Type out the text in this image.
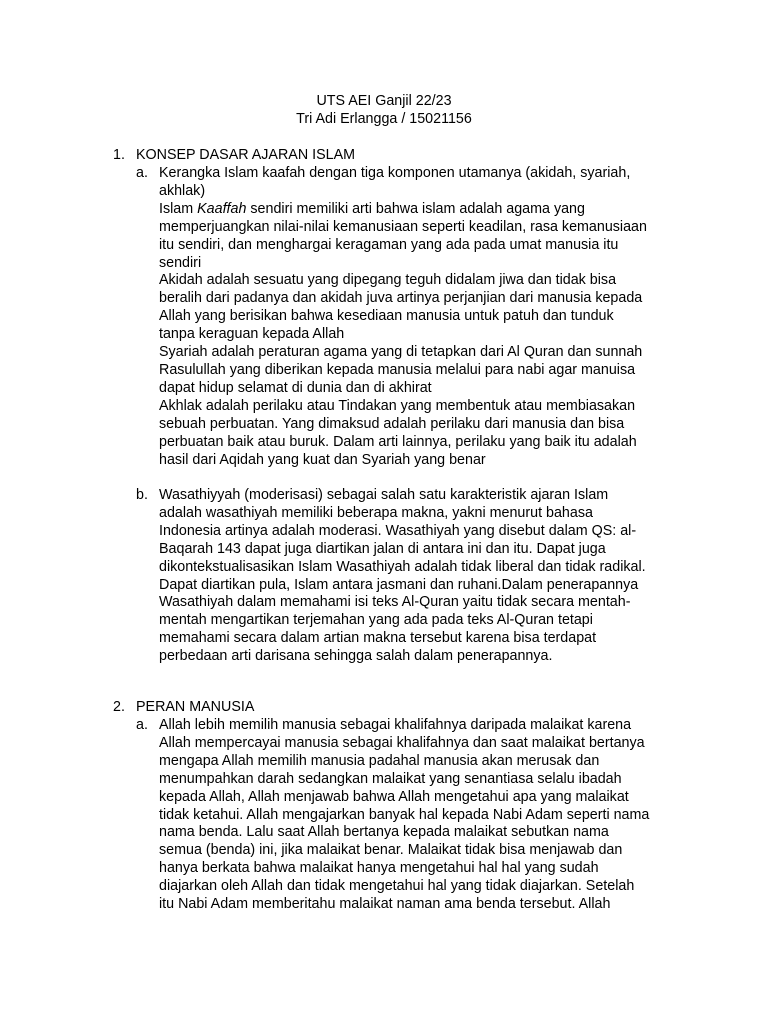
UTS AEI Ganjil 22/23
Tri Adi Erlangga / 15021156
1. KONSEP DASAR AJARAN ISLAM
a. Kerangka Islam kaafah dengan tiga komponen utamanya (akidah, syariah,
akhlak)
Islam Kaaffah sendiri memiliki arti bahwa islam adalah agama yang
memperjuangkan nilai-nilai kemanusiaan seperti keadilan, rasa kemanusiaan
itu sendiri, dan menghargai keragaman yang ada pada umat manusia itu
sendiri
Akidah adalah sesuatu yang dipegang teguh didalam jiwa dan tidak bisa
beralih dari padanya dan akidah juva artinya perjanjian dari manusia kepada
Allah yang berisikan bahwa kesediaan manusia untuk patuh dan tunduk
tanpa keraguan kepada Allah
Syariah adalah peraturan agama yang di tetapkan dari Al Quran dan sunnah
Rasulullah yang diberikan kepada manusia melalui para nabi agar manuisa
dapat hidup selamat di dunia dan di akhirat
Akhlak adalah perilaku atau Tindakan yang membentuk atau membiasakan
sebuah perbuatan. Yang dimaksud adalah perilaku dari manusia dan bisa
perbuatan baik atau buruk. Dalam arti lainnya, perilaku yang baik itu adalah
hasil dari Aqidah yang kuat dan Syariah yang benar
b. Wasathiyyah (moderisasi) sebagai salah satu karakteristik ajaran Islam
adalah wasathiyah memiliki beberapa makna, yakni menurut bahasa
Indonesia artinya adalah moderasi. Wasathiyah yang disebut dalam QS: al-
Baqarah 143 dapat juga diartikan jalan di antara ini dan itu. Dapat juga
dikontekstualisasikan Islam Wasathiyah adalah tidak liberal dan tidak radikal.
Dapat diartikan pula, Islam antara jasmani dan ruhani.Dalam penerapannya
Wasathiyah dalam memahami isi teks Al-Quran yaitu tidak secara mentah-
mentah mengartikan terjemahan yang ada pada teks Al-Quran tetapi
memahami secara dalam artian makna tersebut karena bisa terdapat
perbedaan arti darisana sehingga salah dalam penerapannya.
2. PERAN MANUSIA
a. Allah lebih memilih manusia sebagai khalifahnya daripada malaikat karena
Allah mempercayai manusia sebagai khalifahnya dan saat malaikat bertanya
mengapa Allah memilih manusia padahal manusia akan merusak dan
menumpahkan darah sedangkan malaikat yang senantiasa selalu ibadah
kepada Allah, Allah menjawab bahwa Allah mengetahui apa yang malaikat
tidak ketahui. Allah mengajarkan banyak hal kepada Nabi Adam seperti nama
nama benda. Lalu saat Allah bertanya kepada malaikat sebutkan nama
semua (benda) ini, jika malaikat benar. Malaikat tidak bisa menjawab dan
hanya berkata bahwa malaikat hanya mengetahui hal hal yang sudah
diajarkan oleh Allah dan tidak mengetahui hal yang tidak diajarkan. Setelah
itu Nabi Adam memberitahu malaikat naman ama benda tersebut. Allah
